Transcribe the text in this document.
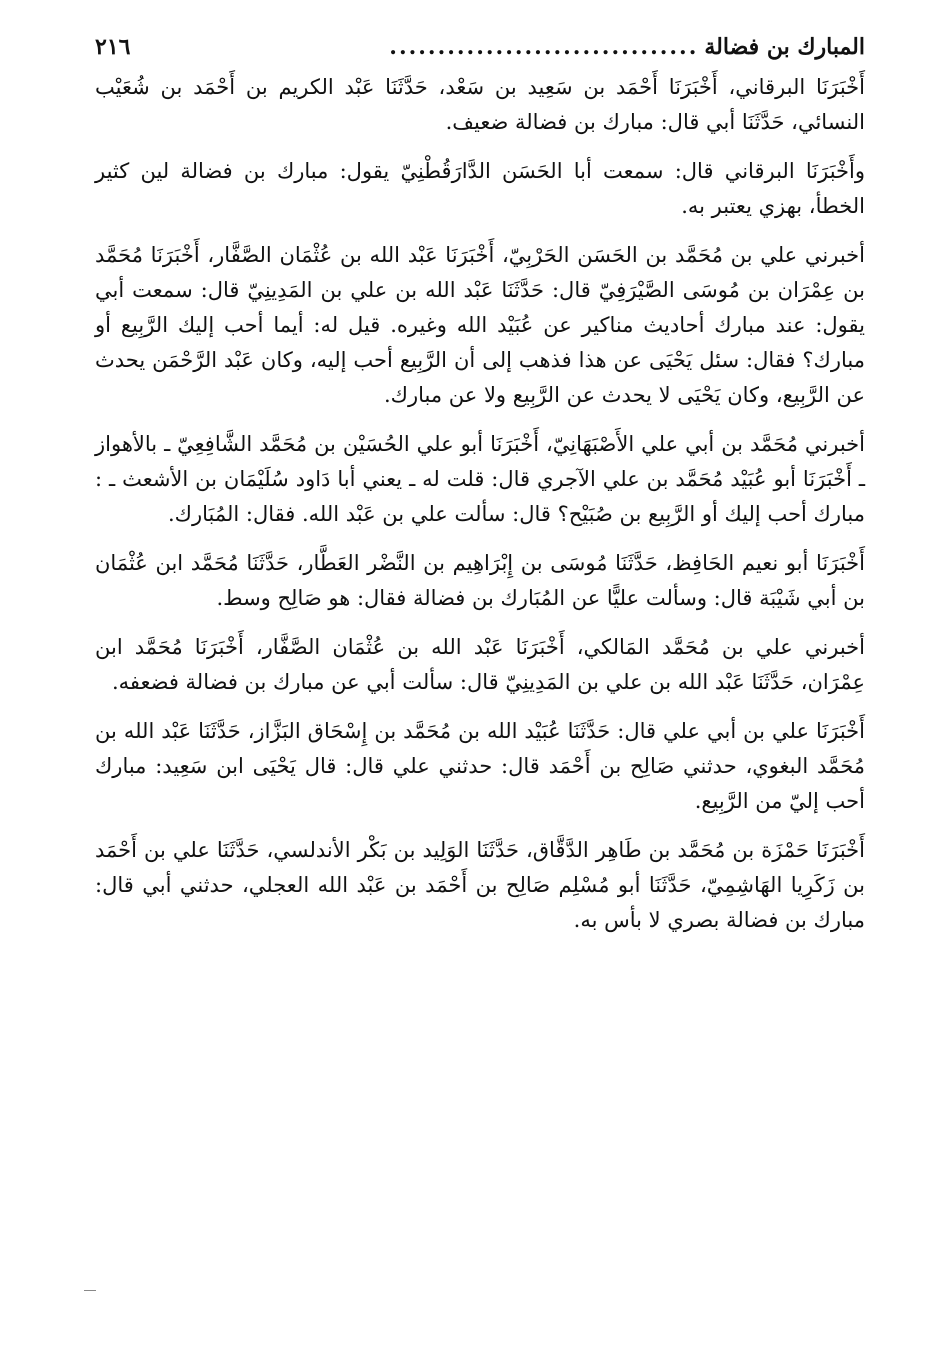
المبارك بن فضالة
................................
٢١٦

أَخْبَرَنَا البرقاني، أَخْبَرَنَا أَحْمَد بن سَعِيد بن سَعْد، حَدَّثَنَا عَبْد الكريم بن أَحْمَد بن شُعَيْب النسائي، حَدَّثَنَا أبي قال: مبارك بن فضالة ضعيف.

وأَخْبَرَنَا البرقاني قال: سمعت أبا الحَسَن الدَّارَقُطْنِيّ يقول: مبارك بن فضالة لين كثير الخطأ، بهزي يعتبر به.

أخبرني علي بن مُحَمَّد بن الحَسَن الحَرْبِيّ، أَخْبَرَنَا عَبْد الله بن عُثْمَان الصَّفَّار، أَخْبَرَنَا مُحَمَّد بن عِمْرَان بن مُوسَى الصَّيْرَفِيّ قال: حَدَّثَنَا عَبْد الله بن علي بن المَدِينِيّ قال: سمعت أبي يقول: عند مبارك أحاديث مناكير عن عُبَيْد الله وغيره. قيل له: أيما أحب إليك الرَّبِيع أو مبارك؟ فقال: سئل يَحْيَى عن هذا فذهب إلى أن الرَّبِيع أحب إليه، وكان عَبْد الرَّحْمَن يحدث عن الرَّبِيع، وكان يَحْيَى لا يحدث عن الرَّبِيع ولا عن مبارك.

أخبرني مُحَمَّد بن أبي علي الأَصْبَهَانِيّ، أَخْبَرَنَا أبو علي الحُسَيْن بن مُحَمَّد الشَّافِعِيّ ـ بالأهواز ـ أَخْبَرَنَا أبو عُبَيْد مُحَمَّد بن علي الآجري قال: قلت له ـ يعني أبا دَاود سُلَيْمَان بن الأشعث ـ : مبارك أحب إليك أو الرَّبِيع بن صُبَيْح؟ قال: سألت علي بن عَبْد الله. فقال: المُبَارك.

أَخْبَرَنَا أبو نعيم الحَافِظ، حَدَّثَنَا مُوسَى بن إِبْرَاهِيم بن النَّضْر العَطَّار، حَدَّثَنَا مُحَمَّد ابن عُثْمَان بن أبي شَيْبَة قال: وسألت عليًّا عن المُبَارك بن فضالة فقال: هو صَالِح وسط.

أخبرني علي بن مُحَمَّد المَالكي، أَخْبَرَنَا عَبْد الله بن عُثْمَان الصَّفَّار، أَخْبَرَنَا مُحَمَّد ابن عِمْرَان، حَدَّثَنَا عَبْد الله بن علي بن المَدِينِيّ قال: سألت أبي عن مبارك بن فضالة فضعفه.

أَخْبَرَنَا علي بن أبي علي قال: حَدَّثَنَا عُبَيْد الله بن مُحَمَّد بن إِسْحَاق البَزَّاز، حَدَّثَنَا عَبْد الله بن مُحَمَّد البغوي، حدثني صَالِح بن أَحْمَد قال: حدثني علي قال: قال يَحْيَى ابن سَعِيد: مبارك أحب إليّ من الرَّبِيع.

أَخْبَرَنَا حَمْزَة بن مُحَمَّد بن طَاهِر الدَّقَّاق، حَدَّثَنَا الوَلِيد بن بَكْر الأندلسي، حَدَّثَنَا علي بن أَحْمَد بن زَكَرِيا الهَاشِمِيّ، حَدَّثَنَا أبو مُسْلِم صَالِح بن أَحْمَد بن عَبْد الله العجلي، حدثني أبي قال: مبارك بن فضالة بصري لا بأس به.
